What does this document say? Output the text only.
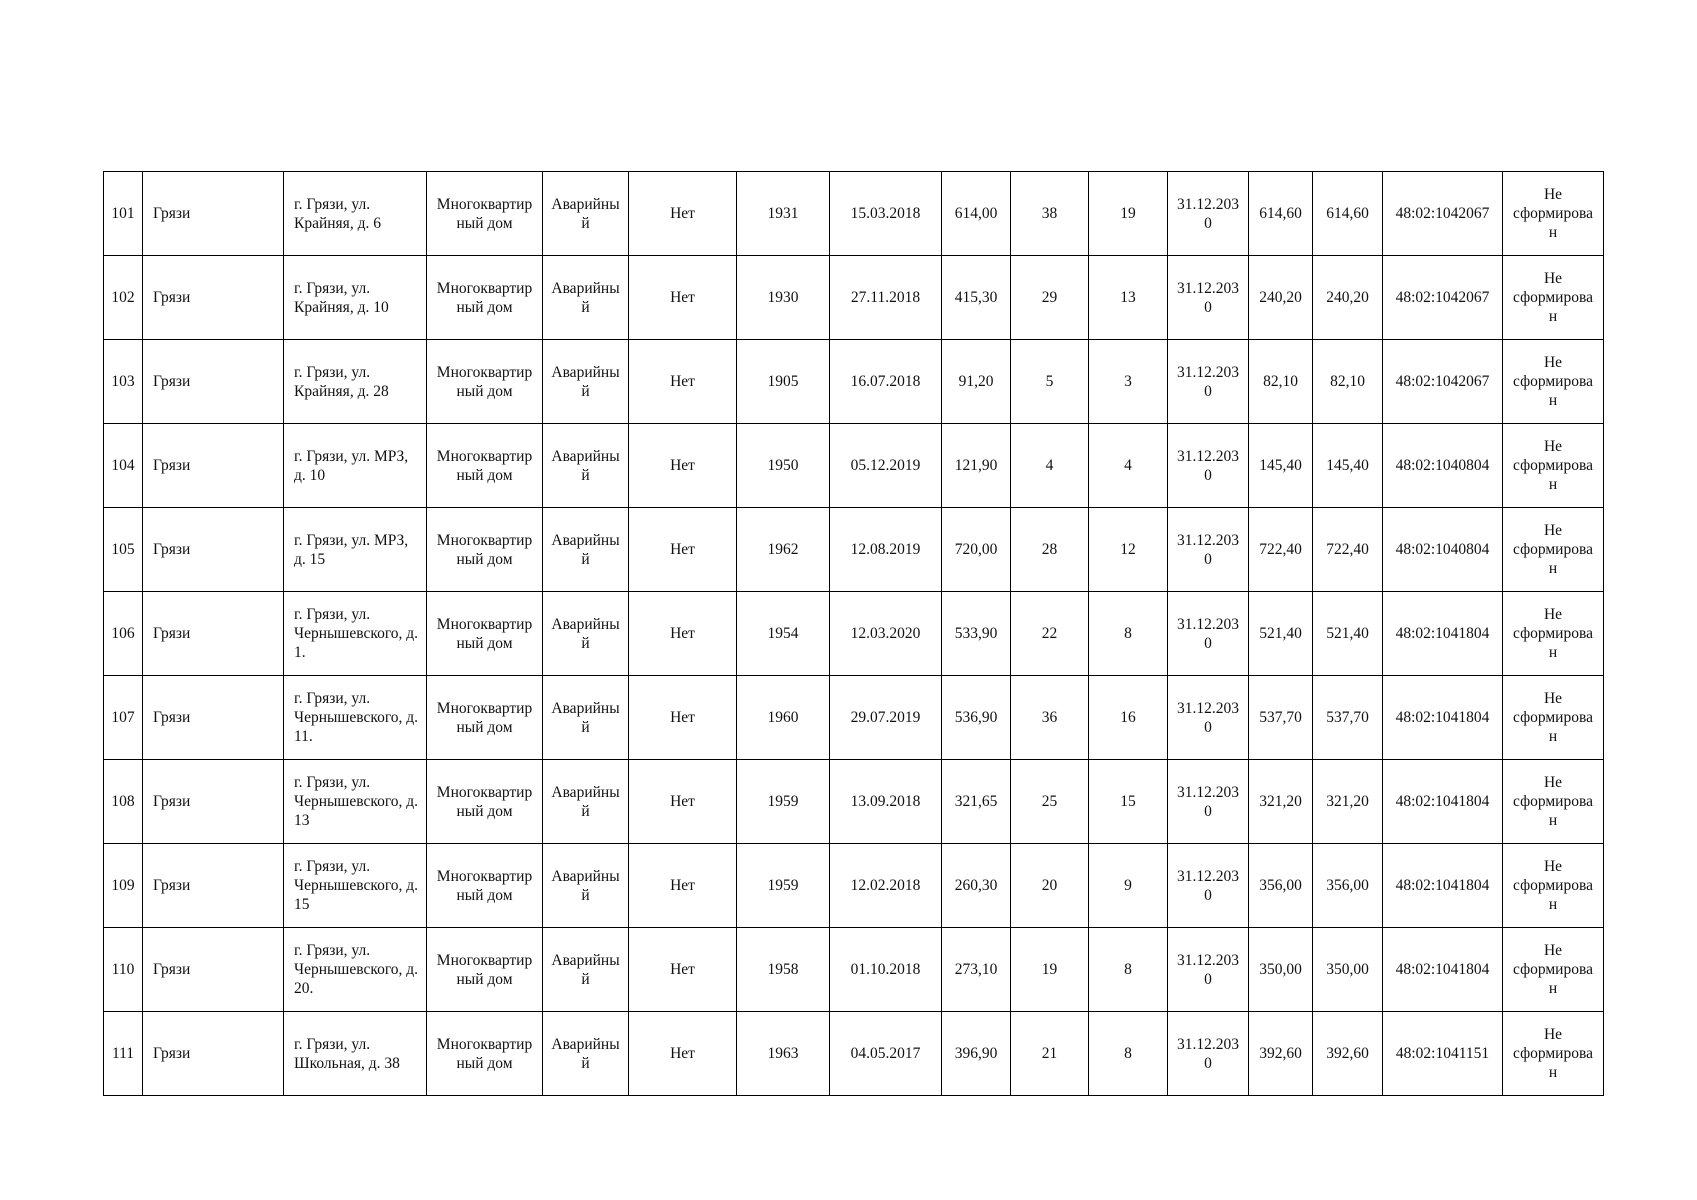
101	Грязи	г. Грязи, ул. Крайняя, д. 6	Многоквартирный дом	Аварийный	Нет	1931	15.03.2018	614,00	38	19	31.12.2030	614,60	614,60	48:02:1042067	Не сформирован
102	Грязи	г. Грязи, ул. Крайняя, д. 10	Многоквартирный дом	Аварийный	Нет	1930	27.11.2018	415,30	29	13	31.12.2030	240,20	240,20	48:02:1042067	Не сформирован
103	Грязи	г. Грязи, ул. Крайняя, д. 28	Многоквартирный дом	Аварийный	Нет	1905	16.07.2018	91,20	5	3	31.12.2030	82,10	82,10	48:02:1042067	Не сформирован
104	Грязи	г. Грязи, ул. МРЗ, д. 10	Многоквартирный дом	Аварийный	Нет	1950	05.12.2019	121,90	4	4	31.12.2030	145,40	145,40	48:02:1040804	Не сформирован
105	Грязи	г. Грязи, ул. МРЗ, д. 15	Многоквартирный дом	Аварийный	Нет	1962	12.08.2019	720,00	28	12	31.12.2030	722,40	722,40	48:02:1040804	Не сформирован
106	Грязи	г. Грязи, ул. Чернышевского, д. 1.	Многоквартирный дом	Аварийный	Нет	1954	12.03.2020	533,90	22	8	31.12.2030	521,40	521,40	48:02:1041804	Не сформирован
107	Грязи	г. Грязи, ул. Чернышевского, д. 11.	Многоквартирный дом	Аварийный	Нет	1960	29.07.2019	536,90	36	16	31.12.2030	537,70	537,70	48:02:1041804	Не сформирован
108	Грязи	г. Грязи, ул. Чернышевского, д. 13	Многоквартирный дом	Аварийный	Нет	1959	13.09.2018	321,65	25	15	31.12.2030	321,20	321,20	48:02:1041804	Не сформирован
109	Грязи	г. Грязи, ул. Чернышевского, д. 15	Многоквартирный дом	Аварийный	Нет	1959	12.02.2018	260,30	20	9	31.12.2030	356,00	356,00	48:02:1041804	Не сформирован
110	Грязи	г. Грязи, ул. Чернышевского, д. 20.	Многоквартирный дом	Аварийный	Нет	1958	01.10.2018	273,10	19	8	31.12.2030	350,00	350,00	48:02:1041804	Не сформирован
111	Грязи	г. Грязи, ул. Школьная, д. 38	Многоквартирный дом	Аварийный	Нет	1963	04.05.2017	396,90	21	8	31.12.2030	392,60	392,60	48:02:1041151	Не сформирован
